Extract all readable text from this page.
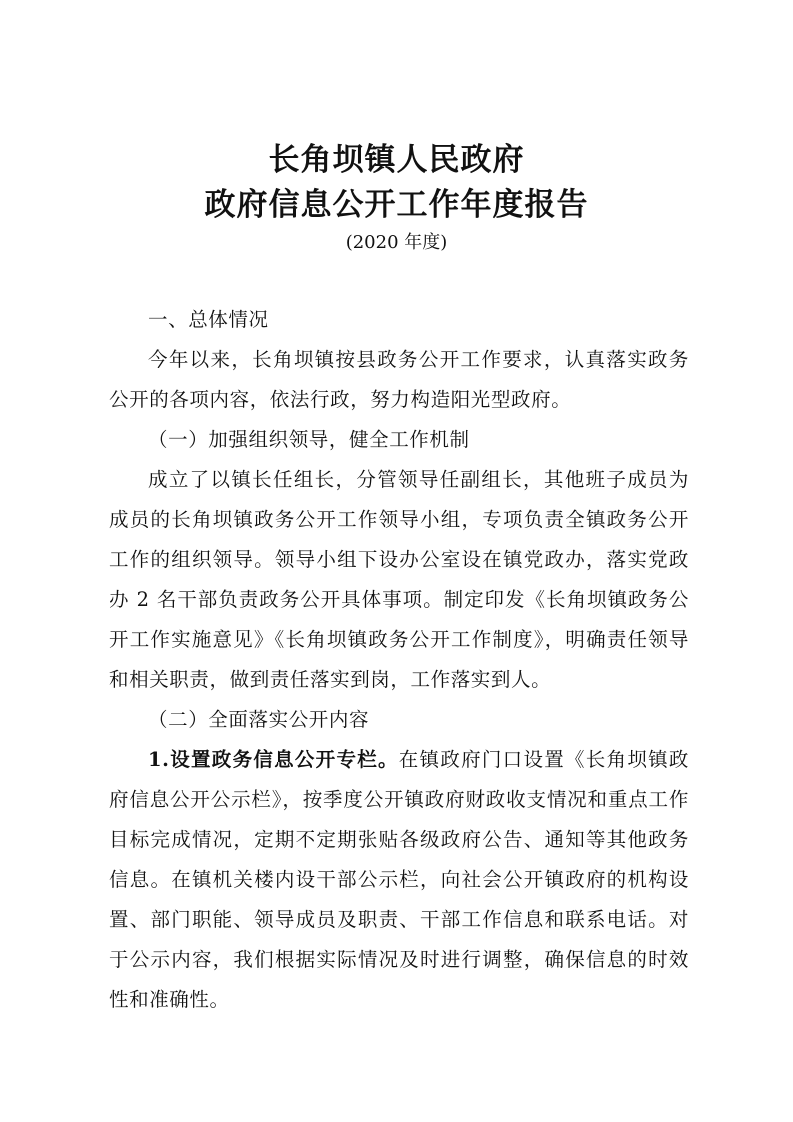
长角坝镇人民政府
政府信息公开工作年度报告
(2020 年度)

一、总体情况

今年以来，长角坝镇按县政务公开工作要求，认真落实政务公开的各项内容，依法行政，努力构造阳光型政府。

（一）加强组织领导，健全工作机制

成立了以镇长任组长，分管领导任副组长，其他班子成员为成员的长角坝镇政务公开工作领导小组，专项负责全镇政务公开工作的组织领导。领导小组下设办公室设在镇党政办，落实党政办 2 名干部负责政务公开具体事项。制定印发《长角坝镇政务公开工作实施意见》《长角坝镇政务公开工作制度》，明确责任领导和相关职责，做到责任落实到岗，工作落实到人。

（二）全面落实公开内容

1.设置政务信息公开专栏。在镇政府门口设置《长角坝镇政府信息公开公示栏》，按季度公开镇政府财政收支情况和重点工作目标完成情况，定期不定期张贴各级政府公告、通知等其他政务信息。在镇机关楼内设干部公示栏，向社会公开镇政府的机构设置、部门职能、领导成员及职责、干部工作信息和联系电话。对于公示内容，我们根据实际情况及时进行调整，确保信息的时效性和准确性。
